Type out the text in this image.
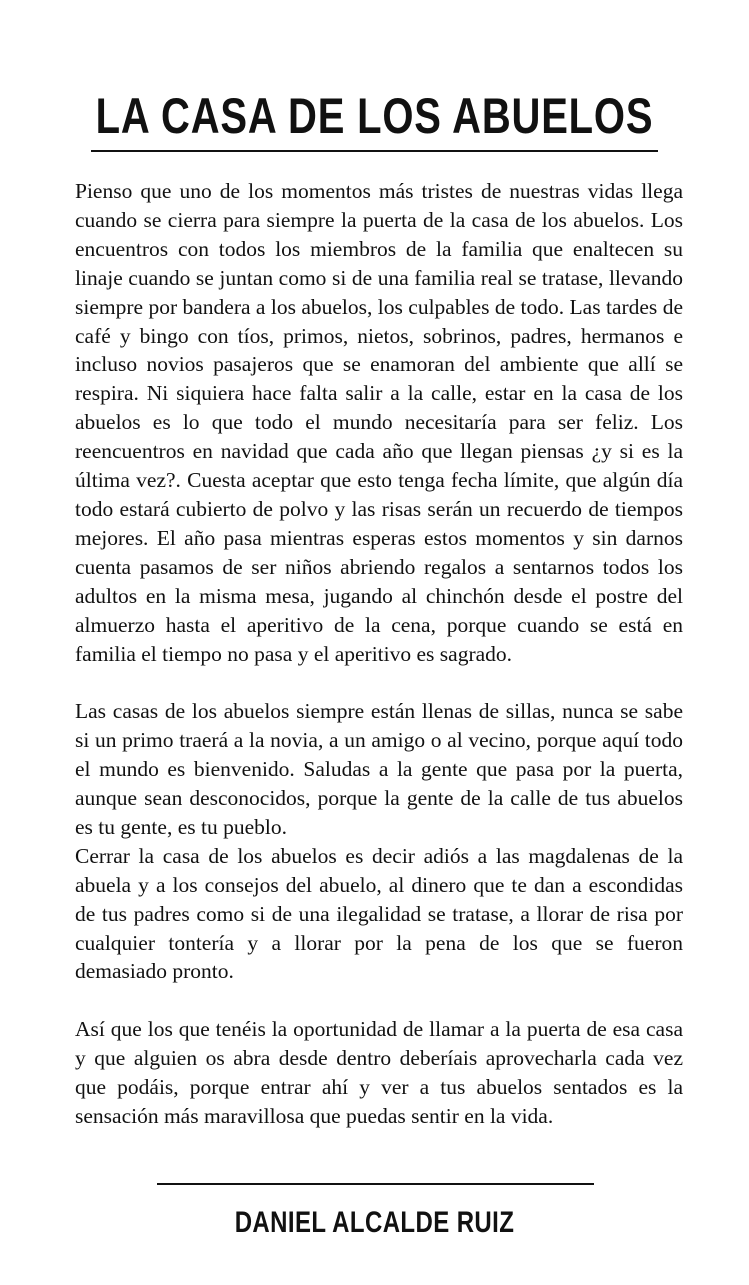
LA CASA DE LOS ABUELOS

Pienso que uno de los momentos más tristes de nuestras vidas llega cuando se cierra para siempre la puerta de la casa de los abuelos. Los encuentros con todos los miembros de la familia que enaltecen su linaje cuando se juntan como si de una familia real se tratase, llevando siempre por bandera a los abuelos, los culpables de todo. Las tardes de café y bingo con tíos, primos, nietos, sobrinos, padres, hermanos e incluso novios pasajeros que se enamoran del ambiente que allí se respira. Ni siquiera hace falta salir a la calle, estar en la casa de los abuelos es lo que todo el mundo necesitaría para ser feliz. Los reencuentros en navidad que cada año que llegan piensas ¿y si es la última vez?. Cuesta aceptar que esto tenga fecha límite, que algún día todo estará cubierto de polvo y las risas serán un recuerdo de tiempos mejores. El año pasa mientras esperas estos momentos y sin darnos cuenta pasamos de ser niños abriendo regalos a sentarnos todos los adultos en la misma mesa, jugando al chinchón desde el postre del almuerzo hasta el aperitivo de la cena, porque cuando se está en familia el tiempo no pasa y el aperitivo es sagrado.

Las casas de los abuelos siempre están llenas de sillas, nunca se sabe si un primo traerá a la novia, a un amigo o al vecino, porque aquí todo el mundo es bienvenido. Saludas a la gente que pasa por la puerta, aunque sean desconocidos, porque la gente de la calle de tus abuelos es tu gente, es tu pueblo.

Cerrar la casa de los abuelos es decir adiós a las magdalenas de la abuela y a los consejos del abuelo, al dinero que te dan a escondidas de tus padres como si de una ilegalidad se tratase, a llorar de risa por cualquier tontería y a llorar por la pena de los que se fueron demasiado pronto.

Así que los que tenéis la oportunidad de llamar a la puerta de esa casa y que alguien os abra desde dentro deberíais aprovecharla cada vez que podáis, porque entrar ahí y ver a tus abuelos sentados es la sensación más maravillosa que puedas sentir en la vida.

DANIEL ALCALDE RUIZ
